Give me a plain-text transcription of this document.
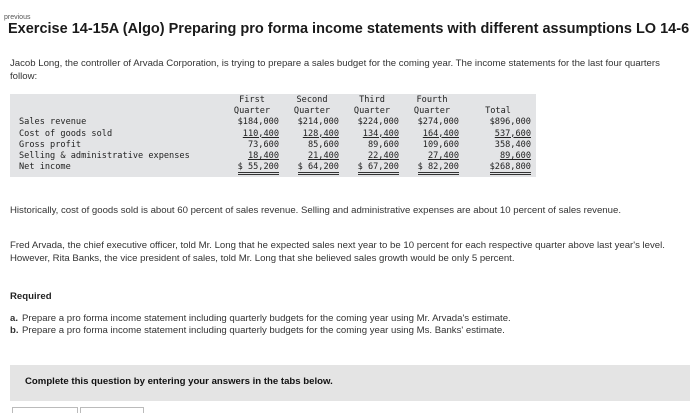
previous
Exercise 14-15A (Algo) Preparing pro forma income statements with different assumptions LO 14-6

Jacob Long, the controller of Arvada Corporation, is trying to prepare a sales budget for the coming year. The income statements for the last four quarters follow:

	First	Second	Third	Fourth	
	Quarter	Quarter	Quarter	Quarter	Total
Sales revenue	$184,000	$214,000	$224,000	$274,000	$896,000
Cost of goods sold	110,400	128,400	134,400	164,400	537,600
Gross profit	73,600	85,600	89,600	109,600	358,400
Selling & administrative expenses	18,400	21,400	22,400	27,400	89,600
Net income	$ 55,200	$ 64,200	$ 67,200	$ 82,200	$268,800

Historically, cost of goods sold is about 60 percent of sales revenue. Selling and administrative expenses are about 10 percent of sales revenue.

Fred Arvada, the chief executive officer, told Mr. Long that he expected sales next year to be 10 percent for each respective quarter above last year's level. However, Rita Banks, the vice president of sales, told Mr. Long that she believed sales growth would be only 5 percent.

Required
a. Prepare a pro forma income statement including quarterly budgets for the coming year using Mr. Arvada's estimate.
b. Prepare a pro forma income statement including quarterly budgets for the coming year using Ms. Banks' estimate.
Complete this question by entering your answers in the tabs below.
